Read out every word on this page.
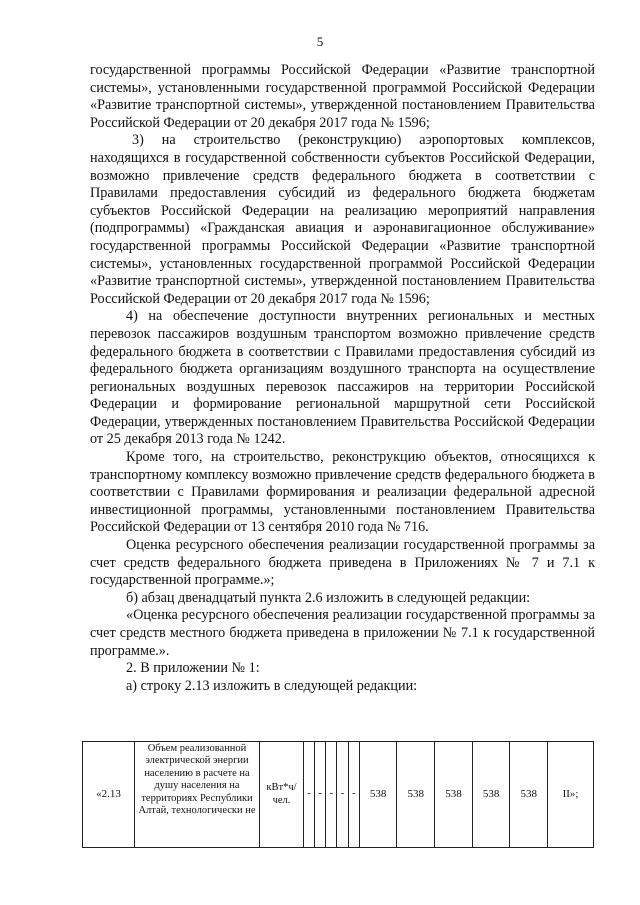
5

государственной программы Российской Федерации «Развитие транспортной системы», установленными государственной программой Российской Федерации «Развитие транспортной системы», утвержденной постановлением Правительства Российской Федерации от 20 декабря 2017 года № 1596;

3) на строительство (реконструкцию) аэропортовых комплексов, находящихся в государственной собственности субъектов Российской Федерации, возможно привлечение средств федерального бюджета в соответствии с Правилами предоставления субсидий из федерального бюджета бюджетам субъектов Российской Федерации на реализацию мероприятий направления (подпрограммы) «Гражданская авиация и аэронавигационное обслуживание» государственной программы Российской Федерации «Развитие транспортной системы», установленных государственной программой Российской Федерации «Развитие транспортной системы», утвержденной постановлением Правительства Российской Федерации от 20 декабря 2017 года № 1596;

4) на обеспечение доступности внутренних региональных и местных перевозок пассажиров воздушным транспортом возможно привлечение средств федерального бюджета в соответствии с Правилами предоставления субсидий из федерального бюджета организациям воздушного транспорта на осуществление региональных воздушных перевозок пассажиров на территории Российской Федерации и формирование региональной маршрутной сети Российской Федерации, утвержденных постановлением Правительства Российской Федерации от 25 декабря 2013 года № 1242.

Кроме того, на строительство, реконструкцию объектов, относящихся к транспортному комплексу возможно привлечение средств федерального бюджета в соответствии с Правилами формирования и реализации федеральной адресной инвестиционной программы, установленными постановлением Правительства Российской Федерации от 13 сентября 2010 года № 716.

Оценка ресурсного обеспечения реализации государственной программы за счет средств федерального бюджета приведена в Приложениях № 7 и 7.1 к государственной программе.»;

б) абзац двенадцатый пункта 2.6 изложить в следующей редакции:

«Оценка ресурсного обеспечения реализации государственной программы за счет средств местного бюджета приведена в приложении № 7.1 к государственной программе.».

2. В приложении № 1:

а) строку 2.13 изложить в следующей редакции:

«2.13	Объем реализованной электрической энергии населению в расчете на душу населения на территориях Республики Алтай, технологически не	кВт*ч/ чел.	-	-	-	-	-	538	538	538	538	538	II»;
